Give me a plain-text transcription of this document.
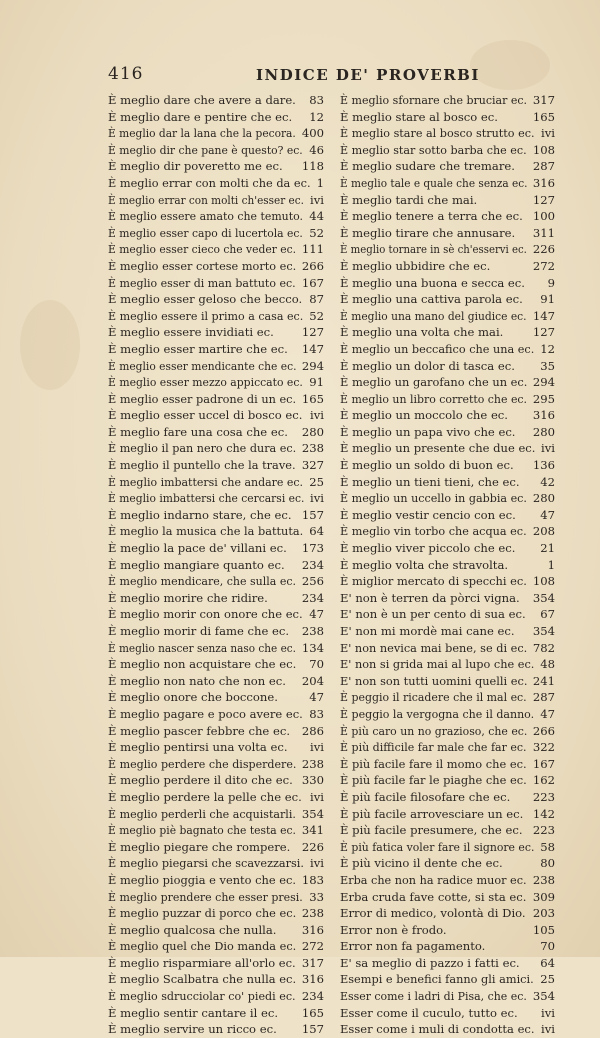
416	INDICE DE' PROVERBI
È meglio dare che avere a dare. 83
È meglio dare e pentire che ec. 12
È meglio dar la lana che la pecora. 400
È meglio dir che pane è questo? ec. 46
È meglio dir poveretto me ec. 118
È meglio errar con molti che da ec. 1
È meglio errar con molti ch'esser ec. ivi
È meglio essere amato che temuto. 44
È meglio esser capo di lucertola ec. 52
È meglio esser cieco che veder ec. 111
È meglio esser cortese morto ec. 266
È meglio esser di man battuto ec. 167
È meglio esser geloso che becco. 87
È meglio essere il primo a casa ec. 52
È meglio essere invidiati ec. 127
È meglio esser martire che ec. 147
È meglio esser mendicante che ec. 294
È meglio esser mezzo appiccato ec. 91
È meglio esser padrone di un ec. 165
È meglio esser uccel di bosco ec. ivi
È meglio fare una cosa che ec. 280
È meglio il pan nero che dura ec. 238
È meglio il puntello che la trave. 327
È meglio imbattersi che andare ec. 25
È meglio imbattersi che cercarsi ec. ivi
È meglio indarno stare, che ec. 157
È meglio la musica che la battuta. 64
È meglio la pace de' villani ec. 173
È meglio mangiare quanto ec. 234
È meglio mendicare, che sulla ec. 256
È meglio morire che ridire.	234
È meglio morir con onore che ec. 47
È meglio morir di fame che ec. 238
È meglio nascer senza naso che ec. 134
È meglio non acquistare che ec. 70
È meglio non nato che non ec. 204
È meglio onore che boccone.	47
È meglio pagare e poco avere ec. 83
È meglio pascer febbre che ec. 286
È meglio pentirsi una volta ec. ivi
È meglio perdere che disperdere. 238
È meglio perdere il dito che ec. 330
È meglio perdere la pelle che ec. ivi
È meglio perderli che acquistarli. 354
È meglio piè bagnato che testa ec. 341
È meglio piegare che rompere. 226
È meglio piegarsi che scavezzarsi. ivi
È meglio pioggia e vento che ec. 183
È meglio prendere che esser presi. 33
È meglio puzzar di porco che ec. 238
È meglio qualcosa che nulla. 316
È meglio quel che Dio manda ec. 272
È meglio risparmiare all'orlo ec. 317
È meglio Scalbatra che nulla ec. 316
È meglio sdrucciolar co' piedi ec. 234
È meglio sentir cantare il ec. 165
È meglio servire un ricco ec. 157
È meglio sfornare che bruciar ec. 317
È meglio stare al bosco ec.	165
È meglio stare al bosco strutto ec. ivi
È meglio star sotto barba che ec. 108
È meglio sudare che tremare. 287
È meglio tale e quale che senza ec. 316
È meglio tardi che mai.	127
È meglio tenere a terra che ec. 100
È meglio tirare che annusare. 311
È meglio tornare in sè ch'esservi ec. 226
È meglio ubbidire che ec.	272
È meglio una buona e secca ec. 9
È meglio una cattiva parola ec. 91
È meglio una mano del giudice ec. 147
È meglio una volta che mai.	127
È meglio un beccafico che una ec. 12
È meglio un dolor di tasca ec. 35
È meglio un garofano che un ec. 294
È meglio un libro corretto che ec. 295
È meglio un moccolo che ec. 316
È meglio un papa vivo che ec. 280
È meglio un presente che due ec. ivi
È meglio un soldo di buon ec. 136
È meglio un tieni tieni, che ec. 42
È meglio un uccello in gabbia ec. 280
È meglio vestir cencio con ec. 47
È meglio vin torbo che acqua ec. 208
È meglio viver piccolo che ec. 21
È meglio volta che stravolta.	1
È miglior mercato di specchi ec. 108
E' non è terren da pòrci vigna. 354
E' non è un per cento di sua ec. 67
E' non mi mordè mai cane ec. 354
E' non nevica mai bene, se di ec. 782
E' non si grida mai al lupo che ec. 48
E' non son tutti uomini quelli ec. 241
È peggio il ricadere che il mal ec. 287
È peggio la vergogna che il danno. 47
È più caro un no grazioso, che ec. 266
È più difficile far male che far ec. 322
È più facile fare il momo che ec. 167
È più facile far le piaghe che ec. 162
È più facile filosofare che ec. 223
È più facile arrovesciare un ec. 142
È più facile presumere, che ec. 223
È più fatica voler fare il signore ec. 58
È più vicino il dente che ec.	80
Erba che non ha radice muor ec. 238
Erba cruda fave cotte, si sta ec. 309
Error di medico, volontà di Dio. 203
Error non è frodo.	105
Error non fa pagamento.	70
E' sa meglio di pazzo i fatti ec. 64
Esempi e benefici fanno gli amici. 25
Esser come i ladri di Pisa, che ec. 354
Esser come il cuculo, tutto ec. ivi
Esser come i muli di condotta ec. ivi
